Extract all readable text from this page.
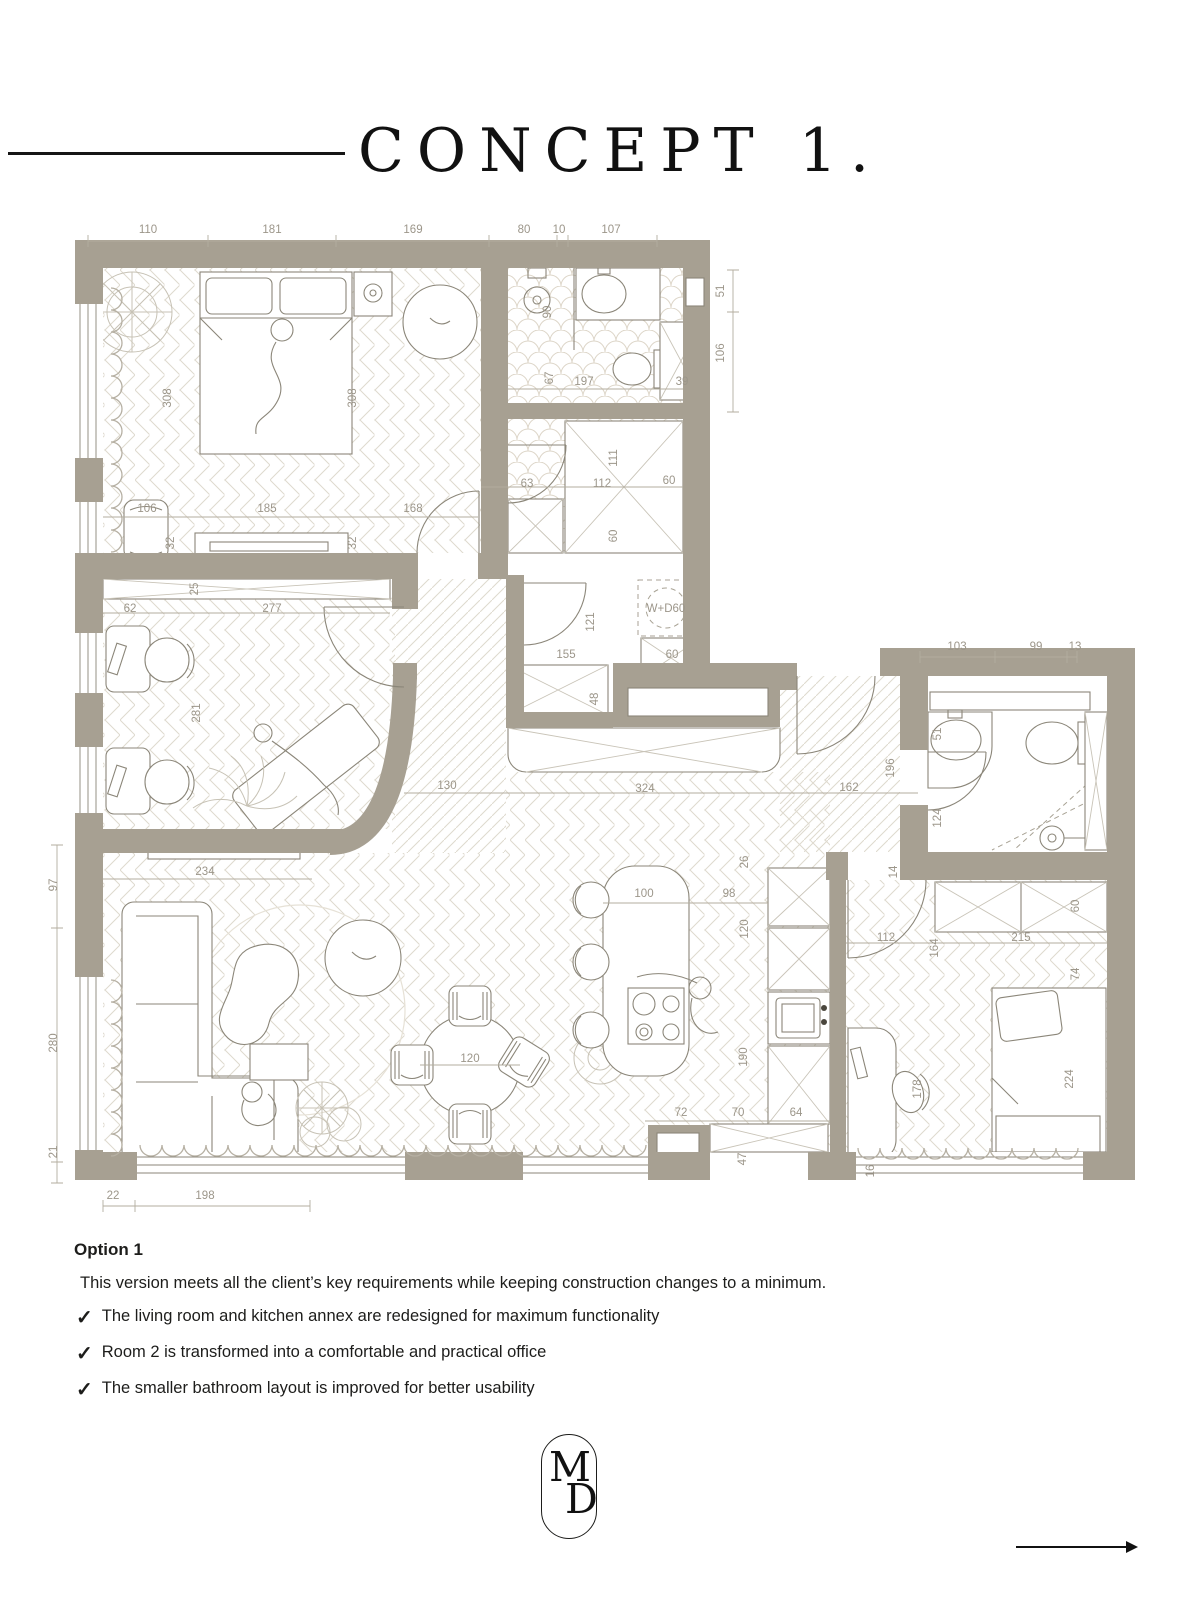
CONCEPT 1.
110	181	169	80 10	107
51
106
308	308
106	185	168
32	32
90
67 197	39
63	112
111
60
60
121
155	60
W+D60
48
130	324	162
196
25
62	277
281
234
97
280
21
22	198
103	99 13
51
124
14
26
100	98
120
190
72	70	64
47
112
164
215
60
74
224
178
16
120
Option 1

This version meets all the client’s key requirements while keeping construction changes to a minimum.

✓ The living room and kitchen annex are redesigned for maximum functionality
✓ Room 2 is transformed into a comfortable and practical office
✓ The smaller bathroom layout is improved for better usability
M
D
